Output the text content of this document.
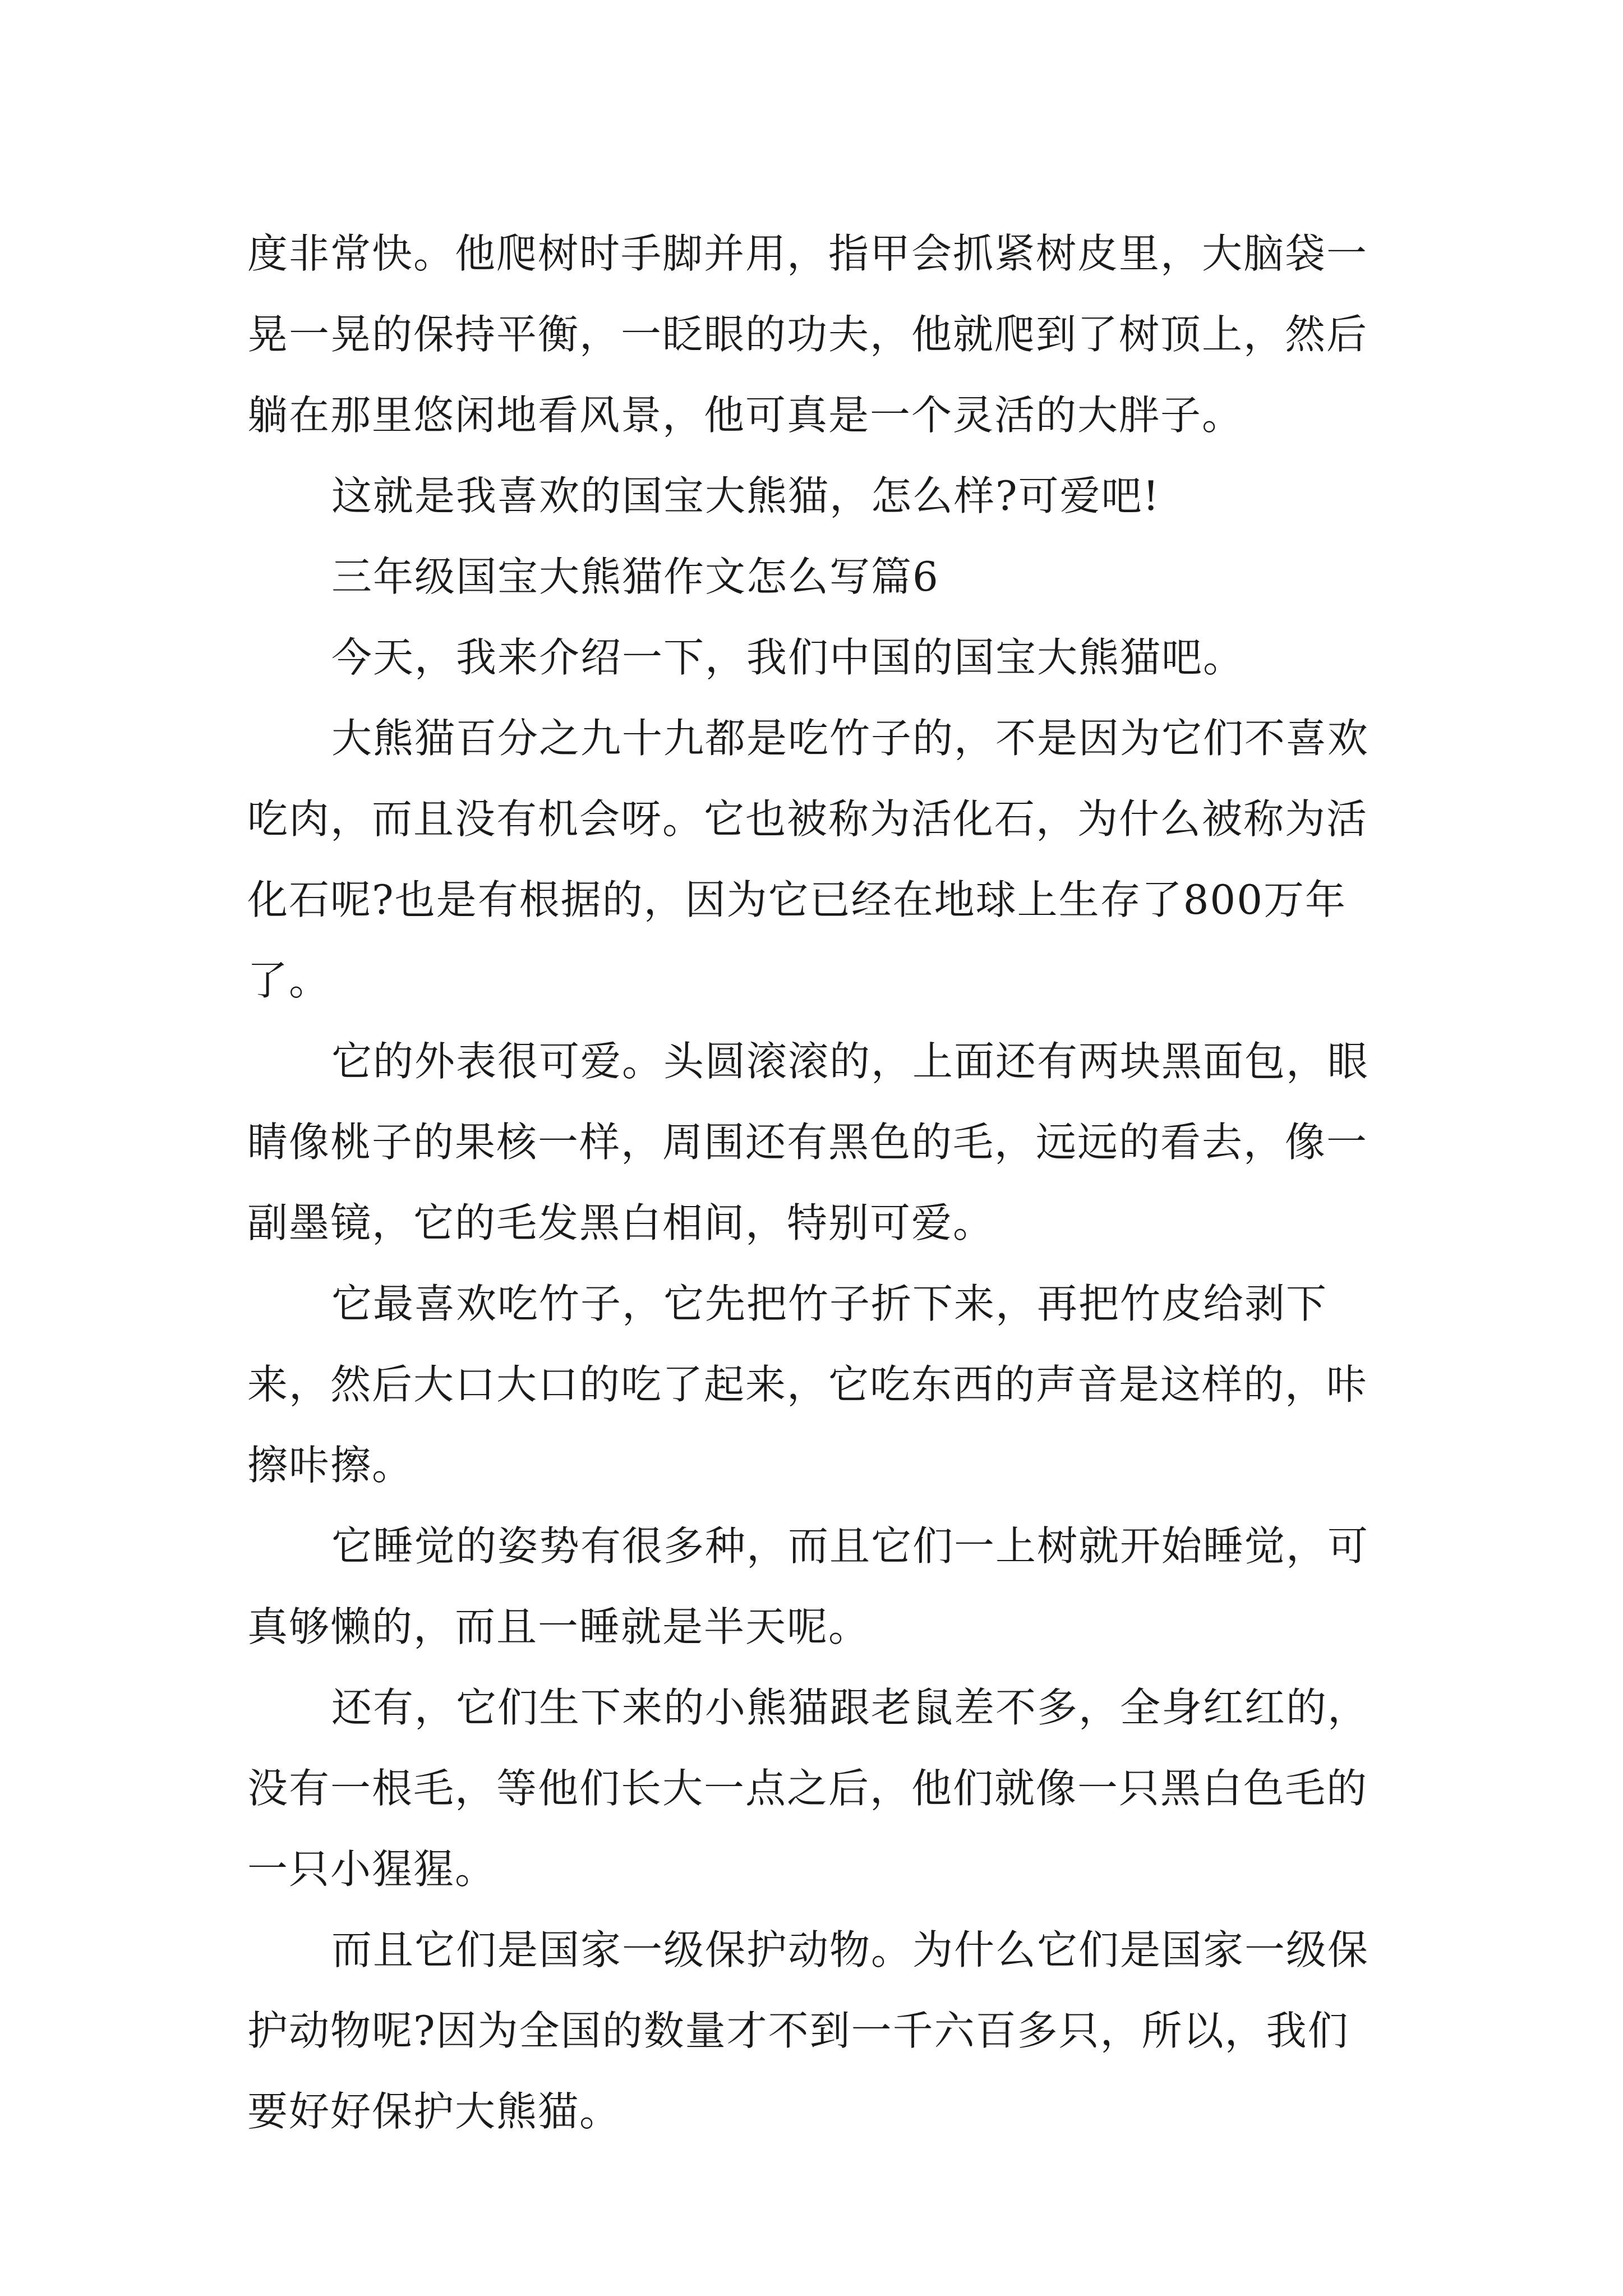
度非常快。他爬树时手脚并用，指甲会抓紧树皮里，大脑袋一晃一晃的保持平衡，一眨眼的功夫，他就爬到了树顶上，然后躺在那里悠闲地看风景，他可真是一个灵活的大胖子。

这就是我喜欢的国宝大熊猫，怎么样?可爱吧!

三年级国宝大熊猫作文怎么写篇6

今天，我来介绍一下，我们中国的国宝大熊猫吧。

大熊猫百分之九十九都是吃竹子的，不是因为它们不喜欢吃肉，而且没有机会呀。它也被称为活化石，为什么被称为活化石呢?也是有根据的，因为它已经在地球上生存了800万年了。

它的外表很可爱。头圆滚滚的，上面还有两块黑面包，眼睛像桃子的果核一样，周围还有黑色的毛，远远的看去，像一副墨镜，它的毛发黑白相间，特别可爱。

它最喜欢吃竹子，它先把竹子折下来，再把竹皮给剥下来，然后大口大口的吃了起来，它吃东西的声音是这样的，咔擦咔擦。

它睡觉的姿势有很多种，而且它们一上树就开始睡觉，可真够懒的，而且一睡就是半天呢。

还有，它们生下来的小熊猫跟老鼠差不多，全身红红的，没有一根毛，等他们长大一点之后，他们就像一只黑白色毛的一只小猩猩。

而且它们是国家一级保护动物。为什么它们是国家一级保护动物呢?因为全国的数量才不到一千六百多只，所以，我们要好好保护大熊猫。
